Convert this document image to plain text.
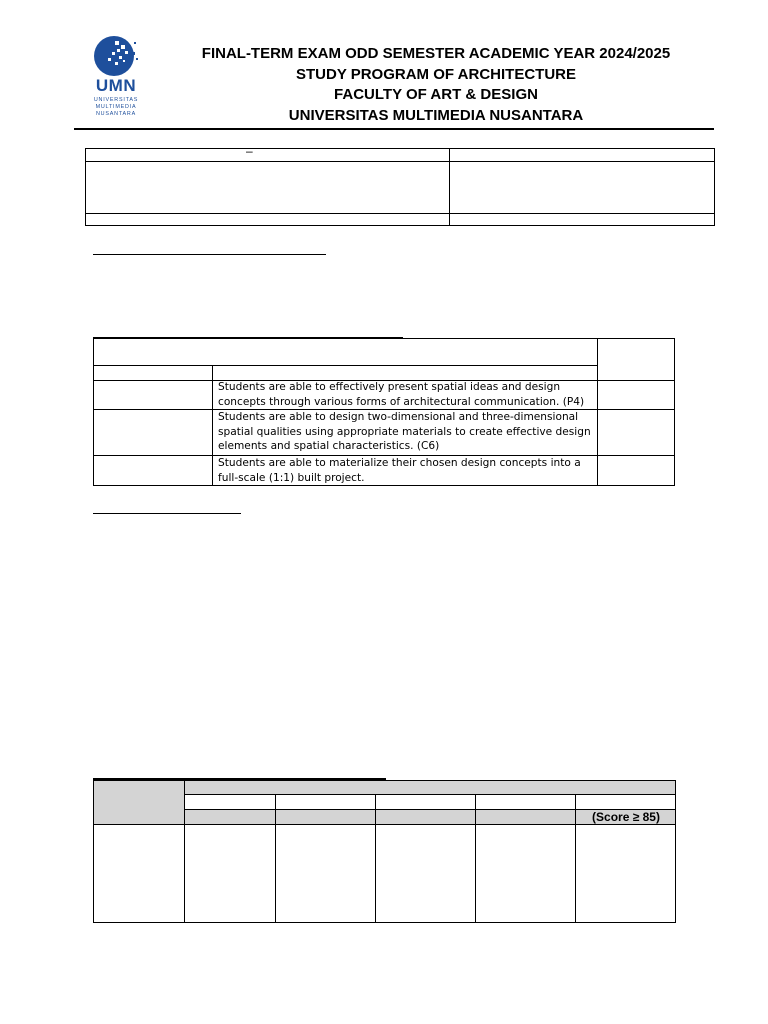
UMN
UNIVERSITAS
MULTIMEDIA
NUSANTARA
FINAL-TERM EXAM ODD SEMESTER ACADEMIC YEAR 2024/2025
STUDY PROGRAM OF ARCHITECTURE
FACULTY OF ART & DESIGN
UNIVERSITAS MULTIMEDIA NUSANTARA
–
Students are able to effectively present spatial ideas and design concepts through various forms of architectural communication. (P4)
Students are able to design two-dimensional and three-dimensional spatial qualities using appropriate materials to create effective design elements and spatial characteristics. (C6)
Students are able to materialize their chosen design concepts into a full-scale (1:1) built project.
(Score ≥ 85)
